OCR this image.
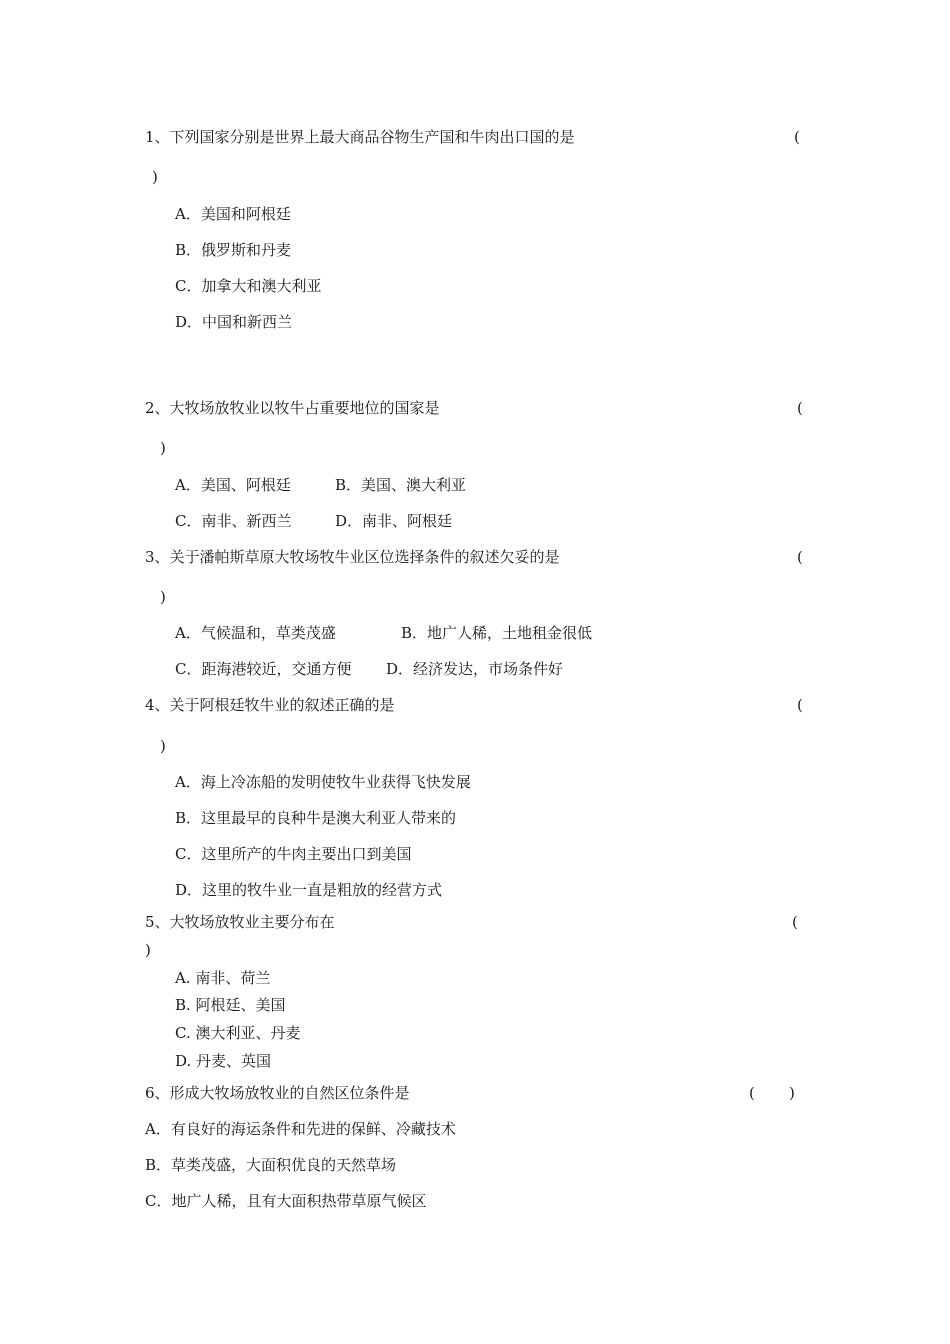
1、下列国家分别是世界上最大商品谷物生产国和牛肉出口国的是	(
)
A．美国和阿根廷
B．俄罗斯和丹麦
C．加拿大和澳大利亚
D．中国和新西兰
2、大牧场放牧业以牧牛占重要地位的国家是	(
)
A．美国、阿根廷	B．美国、澳大利亚
C．南非、新西兰	D．南非、阿根廷
3、关于潘帕斯草原大牧场牧牛业区位选择条件的叙述欠妥的是	(
)
A．气候温和，草类茂盛	B．地广人稀，土地租金很低
C．距海港较近，交通方便 D．经济发达，市场条件好
4、关于阿根廷牧牛业的叙述正确的是	(
)
A．海上冷冻船的发明使牧牛业获得飞快发展
B．这里最早的良种牛是澳大利亚人带来的
C．这里所产的牛肉主要出口到美国
D．这里的牧牛业一直是粗放的经营方式
5、大牧场放牧业主要分布在	(
)
A. 南非、荷兰
B. 阿根廷、美国
C. 澳大利亚、丹麦
D. 丹麦、英国
6、形成大牧场放牧业的自然区位条件是	( )
A．有良好的海运条件和先进的保鲜、冷藏技术
B．草类茂盛，大面积优良的天然草场
C．地广人稀，且有大面积热带草原气候区
